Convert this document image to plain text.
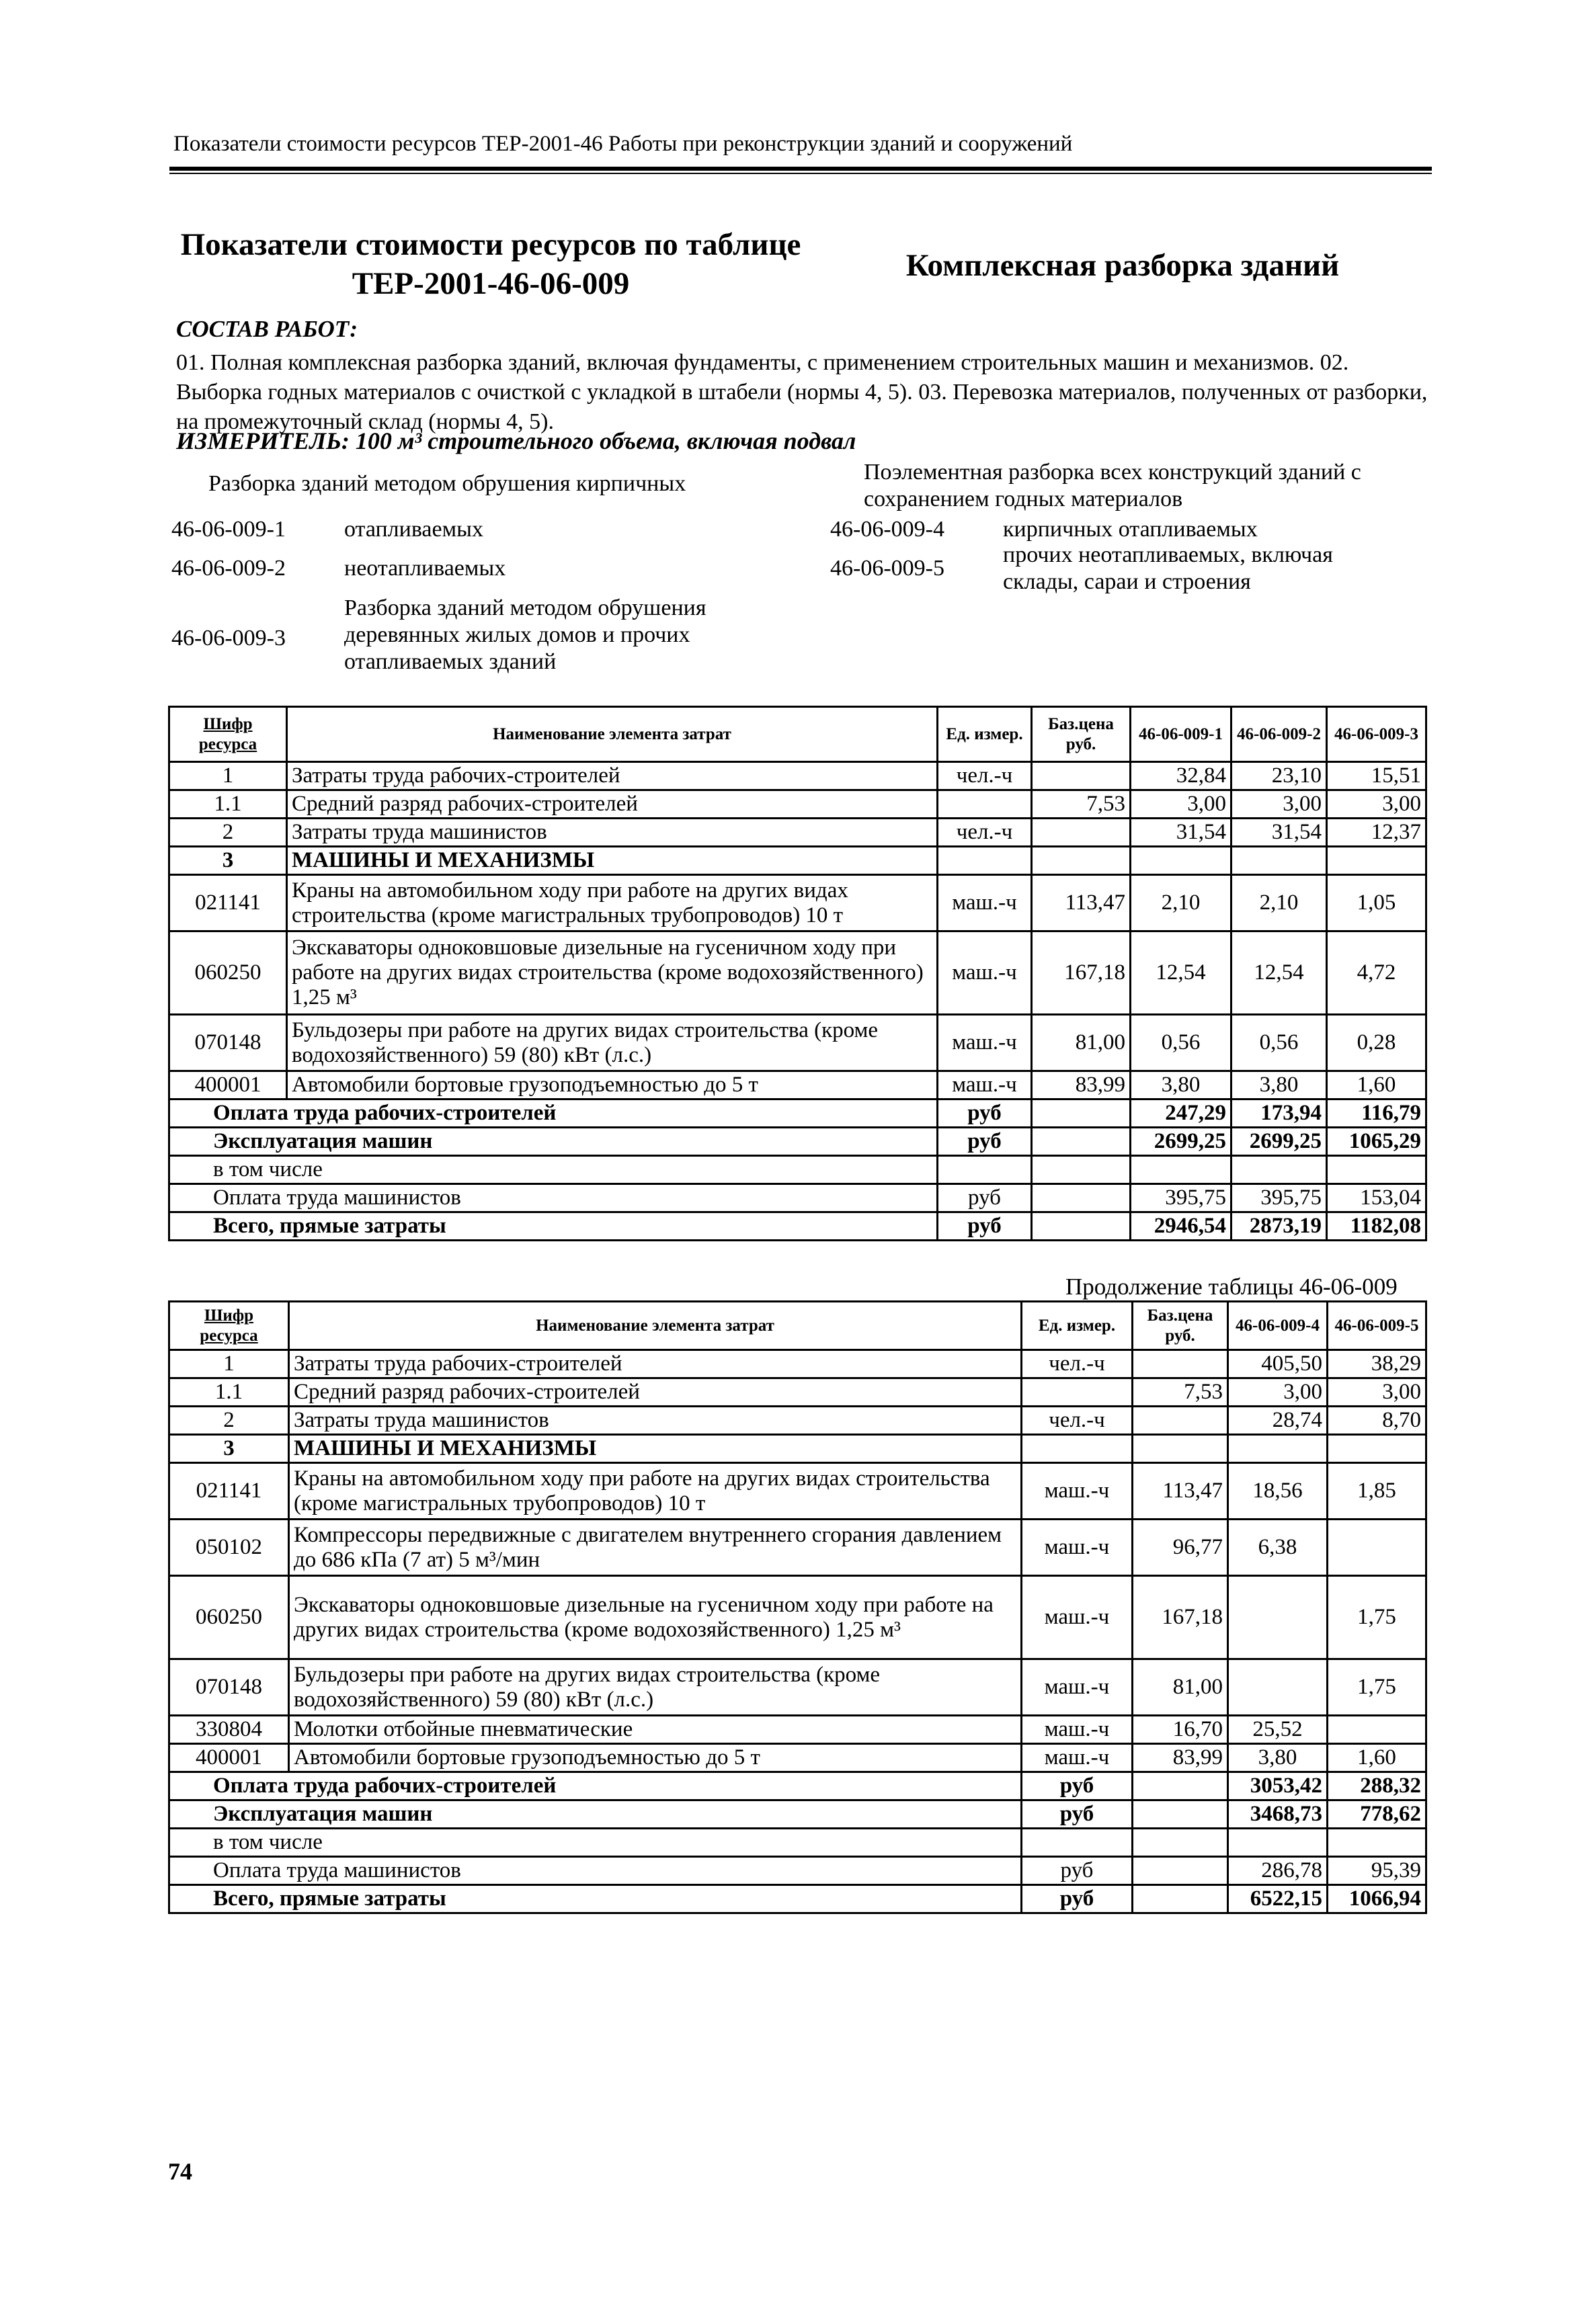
Показатели стоимости ресурсов ТЕР-2001-46 Работы при реконструкции зданий и сооружений
Показатели стоимости ресурсов по таблице
ТЕР-2001-46-06-009
Комплексная разборка зданий
СОСТАВ РАБОТ:
01. Полная комплексная разборка зданий, включая фундаменты, с применением строительных машин и механизмов. 02. Выборка годных материалов с очисткой с укладкой в штабели (нормы 4, 5). 03. Перевозка материалов, полученных от разборки, на промежуточный склад (нормы 4, 5).
ИЗМЕРИТЕЛЬ: 100 м³ строительного объема, включая подвал
Разборка зданий методом обрушения кирпичных
46-06-009-1	отапливаемых
46-06-009-2	неотапливаемых
Разборка зданий методом обрушения деревянных жилых домов и прочих отапливаемых зданий
46-06-009-3
Поэлементная разборка всех конструкций зданий с сохранением годных материалов
46-06-009-4	кирпичных отапливаемых
46-06-009-5
прочих неотапливаемых, включая склады, сараи и строения
Шифр ресурса	Наименование элемента затрат	Ед. измер.	Баз.цена руб.	46-06-009-1	46-06-009-2	46-06-009-3
1	Затраты труда рабочих-строителей	чел.-ч		32,84	23,10	15,51
1.1	Средний разряд рабочих-строителей		7,53	3,00	3,00	3,00
2	Затраты труда машинистов	чел.-ч		31,54	31,54	12,37
3	МАШИНЫ И МЕХАНИЗМЫ					
021141	Краны на автомобильном ходу при работе на других видах строительства (кроме магистральных трубопроводов) 10 т	маш.-ч	113,47	2,10	2,10	1,05
060250	Экскаваторы одноковшовые дизельные на гусеничном ходу при работе на других видах строительства (кроме водохозяйственного) 1,25 м³	маш.-ч	167,18	12,54	12,54	4,72
070148	Бульдозеры при работе на других видах строительства (кроме водохозяйственного) 59 (80) кВт (л.с.)	маш.-ч	81,00	0,56	0,56	0,28
400001	Автомобили бортовые грузоподъемностью до 5 т	маш.-ч	83,99	3,80	3,80	1,60
Оплата труда рабочих-строителей		руб		247,29	173,94	116,79
Эксплуатация машин		руб		2699,25	2699,25	1065,29
в том числе						
Оплата труда машинистов		руб		395,75	395,75	153,04
Всего, прямые затраты		руб		2946,54	2873,19	1182,08
Продолжение таблицы 46-06-009
Шифр ресурса	Наименование элемента затрат	Ед. измер.	Баз.цена руб.	46-06-009-4	46-06-009-5
1	Затраты труда рабочих-строителей	чел.-ч		405,50	38,29
1.1	Средний разряд рабочих-строителей		7,53	3,00	3,00
2	Затраты труда машинистов	чел.-ч		28,74	8,70
3	МАШИНЫ И МЕХАНИЗМЫ				
021141	Краны на автомобильном ходу при работе на других видах строительства (кроме магистральных трубопроводов) 10 т	маш.-ч	113,47	18,56	1,85
050102	Компрессоры передвижные с двигателем внутреннего сгорания давлением до 686 кПа (7 ат) 5 м³/мин	маш.-ч	96,77	6,38	
060250	Экскаваторы одноковшовые дизельные на гусеничном ходу при работе на других видах строительства (кроме водохозяйственного) 1,25 м³	маш.-ч	167,18		1,75
070148	Бульдозеры при работе на других видах строительства (кроме водохозяйственного) 59 (80) кВт (л.с.)	маш.-ч	81,00		1,75
330804	Молотки отбойные пневматические	маш.-ч	16,70	25,52	
400001	Автомобили бортовые грузоподъемностью до 5 т	маш.-ч	83,99	3,80	1,60
Оплата труда рабочих-строителей		руб		3053,42	288,32
Эксплуатация машин		руб		3468,73	778,62
в том числе					
Оплата труда машинистов		руб		286,78	95,39
Всего, прямые затраты		руб		6522,15	1066,94
74
